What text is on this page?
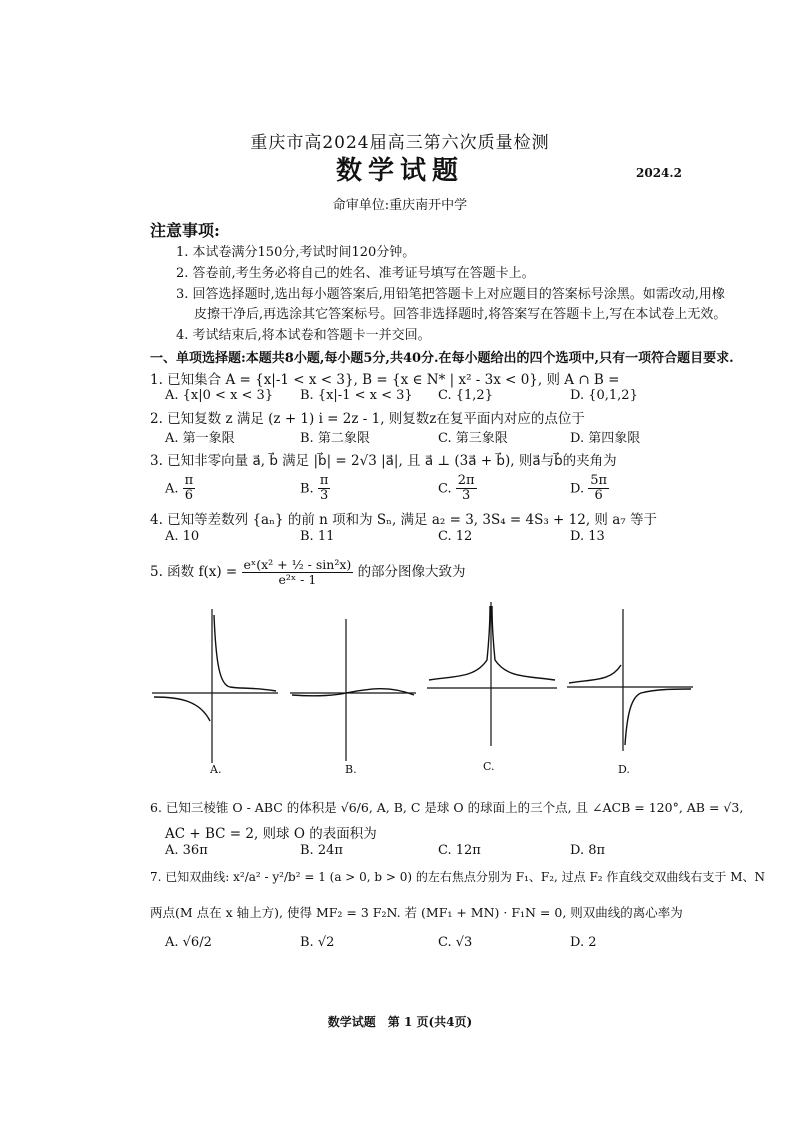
重庆市高2024届高三第六次质量检测
数学试题	2024.2
命审单位:重庆南开中学
注意事项:
1. 本试卷满分150分,考试时间120分钟。
2. 答卷前,考生务必将自己的姓名、准考证号填写在答题卡上。
3. 回答选择题时,选出每小题答案后,用铅笔把答题卡上对应题目的答案标号涂黑。如需改动,用橡
皮擦干净后,再选涂其它答案标号。回答非选择题时,将答案写在答题卡上,写在本试卷上无效。
4. 考试结束后,将本试卷和答题卡一并交回。
一、单项选择题:本题共8小题,每小题5分,共40分.在每小题给出的四个选项中,只有一项符合题目要求.
1. 已知集合 A = {x|-1 < x < 3}, B = {x ∈ N* | x² - 3x < 0}, 则 A ∩ B =
A. {x|0 < x < 3} B. {x|-1 < x < 3} C. {1,2}	D. {0,1,2}
2. 已知复数 z 满足 (z + 1) i = 2z - 1, 则复数z在复平面内对应的点位于
A. 第一象限	B. 第二象限	C. 第三象限	D. 第四象限
3. 已知非零向量 a⃗, b⃗ 满足 |b⃗| = 2√3 |a⃗|, 且 a⃗ ⊥ (3a⃗ + b⃗), 则a⃗与b⃗的夹角为
A. $\frac{\pi}{6}$	B. $\frac{\pi}{3}$	C. $\frac{2\pi}{3}$	D. $\frac{5\pi}{6}$
4. 已知等差数列 {aₙ} 的前 n 项和为 Sₙ, 满足 a₂ = 3, 3S₄ = 4S₃ + 12, 则 a₇ 等于
A. 10	B. 11	C. 12	D. 13
5. 函数 $f(x) = \frac{\text{eˣ(x² + ½ - sin²x)}}{\text{e²ˣ - 1}}$ 的部分图像大致为
A.	B.	C.	D.
6. 已知三棱锥 O - ABC 的体积是 √6/6, A, B, C 是球 O 的球面上的三个点, 且 ∠ACB = 120°, AB = √3,
AC + BC = 2, 则球 O 的表面积为
A. 36π	B. 24π	C. 12π	D. 8π
7. 已知双曲线: x²/a² - y²/b² = 1 (a > 0, b > 0) 的左右焦点分别为 F₁、F₂, 过点 F₂ 作直线交双曲线右支于 M、N
两点(M 点在 x 轴上方), 使得 MF₂ = 3 F₂N. 若 (MF₁ + MN) · F₁N = 0, 则双曲线的离心率为
A. √6/2	B. √2	C. √3	D. 2
数学试题　第 1 页(共4页)
